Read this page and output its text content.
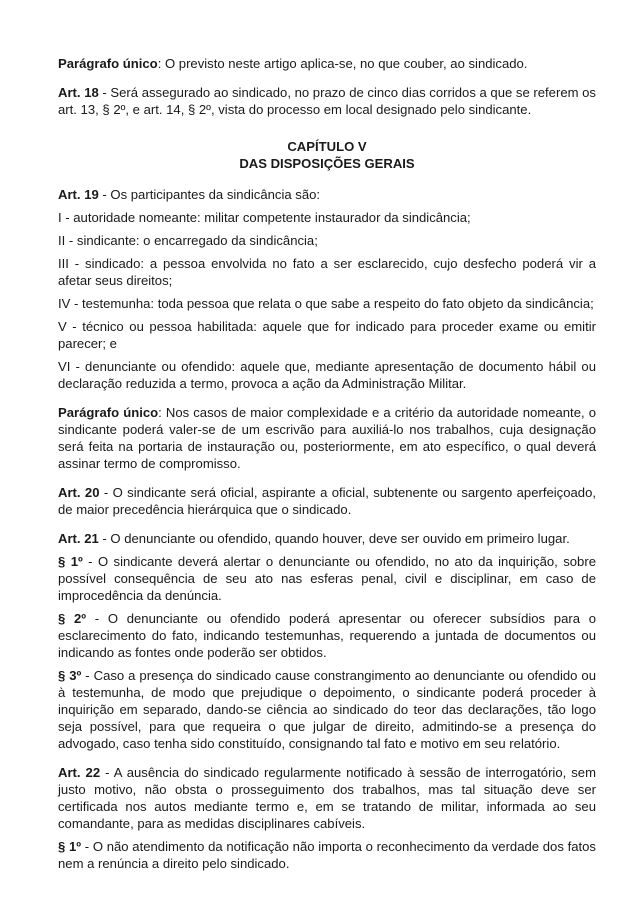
Parágrafo único: O previsto neste artigo aplica-se, no que couber, ao sindicado.

Art. 18 - Será assegurado ao sindicado, no prazo de cinco dias corridos a que se referem os art. 13, § 2º, e art. 14, § 2º, vista do processo em local designado pelo sindicante.

CAPÍTULO V
DAS DISPOSIÇÕES GERAIS

Art. 19 - Os participantes da sindicância são:

I - autoridade nomeante: militar competente instaurador da sindicância;

II - sindicante: o encarregado da sindicância;

III - sindicado: a pessoa envolvida no fato a ser esclarecido, cujo desfecho poderá vir a afetar seus direitos;

IV - testemunha: toda pessoa que relata o que sabe a respeito do fato objeto da sindicância;

V - técnico ou pessoa habilitada: aquele que for indicado para proceder exame ou emitir parecer; e

VI - denunciante ou ofendido: aquele que, mediante apresentação de documento hábil ou declaração reduzida a termo, provoca a ação da Administração Militar.

Parágrafo único: Nos casos de maior complexidade e a critério da autoridade nomeante, o sindicante poderá valer-se de um escrivão para auxiliá-lo nos trabalhos, cuja designação será feita na portaria de instauração ou, posteriormente, em ato específico, o qual deverá assinar termo de compromisso.

Art. 20 - O sindicante será oficial, aspirante a oficial, subtenente ou sargento aperfeiçoado, de maior precedência hierárquica que o sindicado.

Art. 21 - O denunciante ou ofendido, quando houver, deve ser ouvido em primeiro lugar.

§ 1º - O sindicante deverá alertar o denunciante ou ofendido, no ato da inquirição, sobre possível consequência de seu ato nas esferas penal, civil e disciplinar, em caso de improcedência da denúncia.

§ 2º - O denunciante ou ofendido poderá apresentar ou oferecer subsídios para o esclarecimento do fato, indicando testemunhas, requerendo a juntada de documentos ou indicando as fontes onde poderão ser obtidos.

§ 3º - Caso a presença do sindicado cause constrangimento ao denunciante ou ofendido ou à testemunha, de modo que prejudique o depoimento, o sindicante poderá proceder à inquirição em separado, dando-se ciência ao sindicado do teor das declarações, tão logo seja possível, para que requeira o que julgar de direito, admitindo-se a presença do advogado, caso tenha sido constituído, consignando tal fato e motivo em seu relatório.

Art. 22 - A ausência do sindicado regularmente notificado à sessão de interrogatório, sem justo motivo, não obsta o prosseguimento dos trabalhos, mas tal situação deve ser certificada nos autos mediante termo e, em se tratando de militar, informada ao seu comandante, para as medidas disciplinares cabíveis.

§ 1º - O não atendimento da notificação não importa o reconhecimento da verdade dos fatos nem a renúncia a direito pelo sindicado.
